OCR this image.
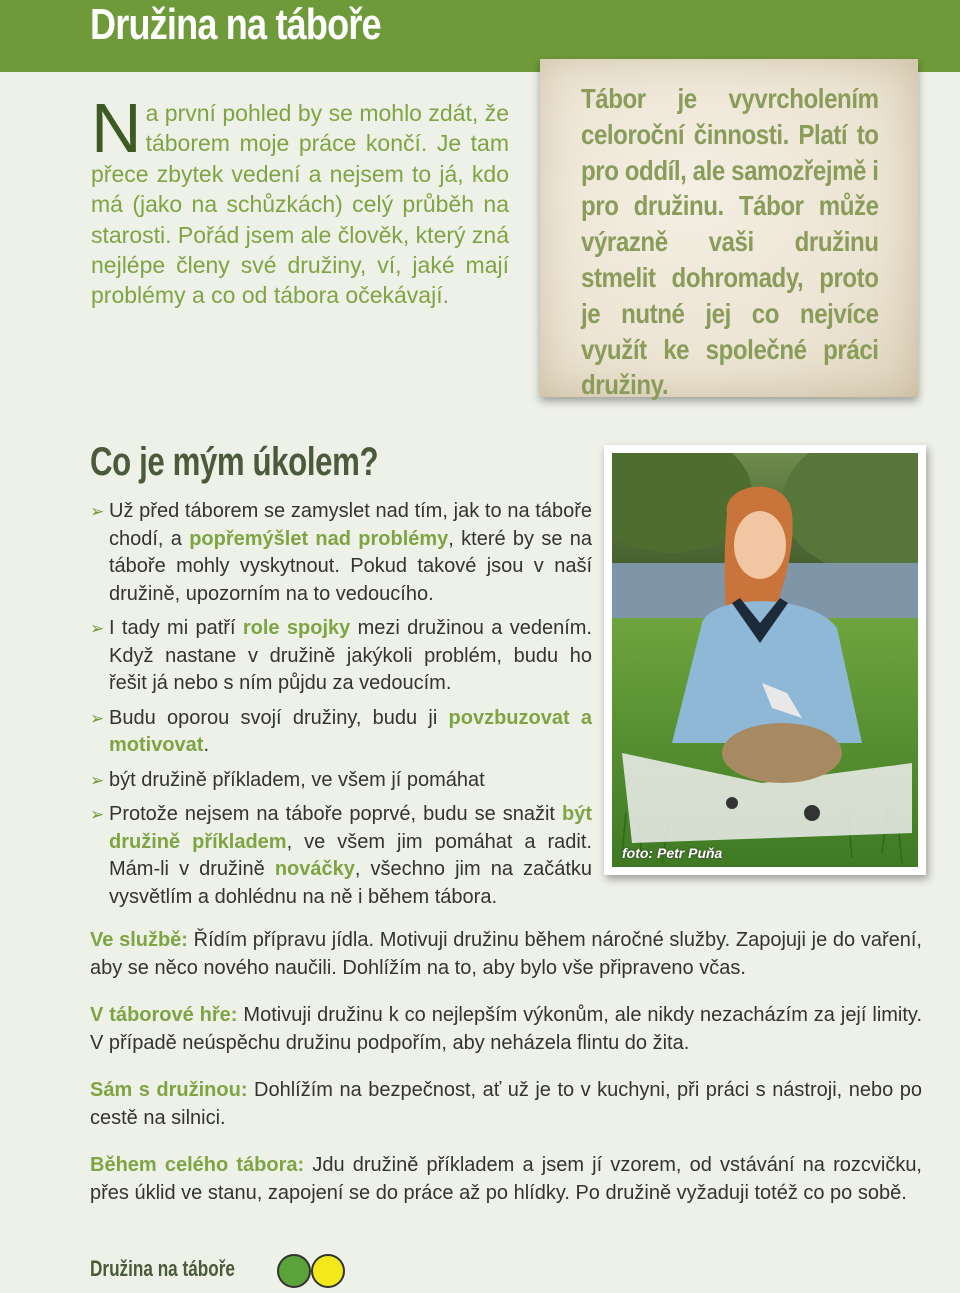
Družina na táboře
Na první pohled by se mohlo zdát, že táborem moje práce končí. Je tam přece zbytek vedení a nejsem to já, kdo má (jako na schůzkách) celý průběh na starosti. Pořád jsem ale člověk, který zná nejlépe členy své družiny, ví, jaké mají problémy a co od tábora očekávají.
Tábor je vyvrcholením celoroční činnosti. Platí to pro oddíl, ale samozřejmě i pro družinu. Tábor může výrazně vaši družinu stmelit dohromady, proto je nutné jej co nejvíce využít ke společné práci družiny.
Co je mým úkolem?
➢ Už před táborem se zamyslet nad tím, jak to na táboře chodí, a popřemýšlet nad problémy, které by se na táboře mohly vyskytnout. Pokud takové jsou v naší družině, upozorním na to vedoucího.
➢ I tady mi patří role spojky mezi družinou a vedením. Když nastane v družině jakýkoli problém, budu ho řešit já nebo s ním půjdu za vedoucím.
➢ Budu oporou svojí družiny, budu ji povzbuzovat a motivovat.
➢ být družině příkladem, ve všem jí pomáhat
➢ Protože nejsem na táboře poprvé, budu se snažit být družině příkladem, ve všem jim pomáhat a radit. Mám-li v družině nováčky, všechno jim na začátku vysvětlím a dohlédnu na ně i během tábora.
foto: Petr Puňa

Ve službě: Řídím přípravu jídla. Motivuji družinu během náročné služby. Zapojuji je do vaření, aby se něco nového naučili. Dohlížím na to, aby bylo vše připraveno včas.

V táborové hře: Motivuji družinu k co nejlepším výkonům, ale nikdy nezacházím za její limity. V případě neúspěchu družinu podpořím, aby neházela flintu do žita.

Sám s družinou: Dohlížím na bezpečnost, ať už je to v kuchyni, při práci s nástroji, nebo po cestě na silnici.

Během celého tábora: Jdu družině příkladem a jsem jí vzorem, od vstávání na rozcvičku, přes úklid ve stanu, zapojení se do práce až po hlídky. Po družině vyžaduji totéž co po sobě.

Družina na táboře
